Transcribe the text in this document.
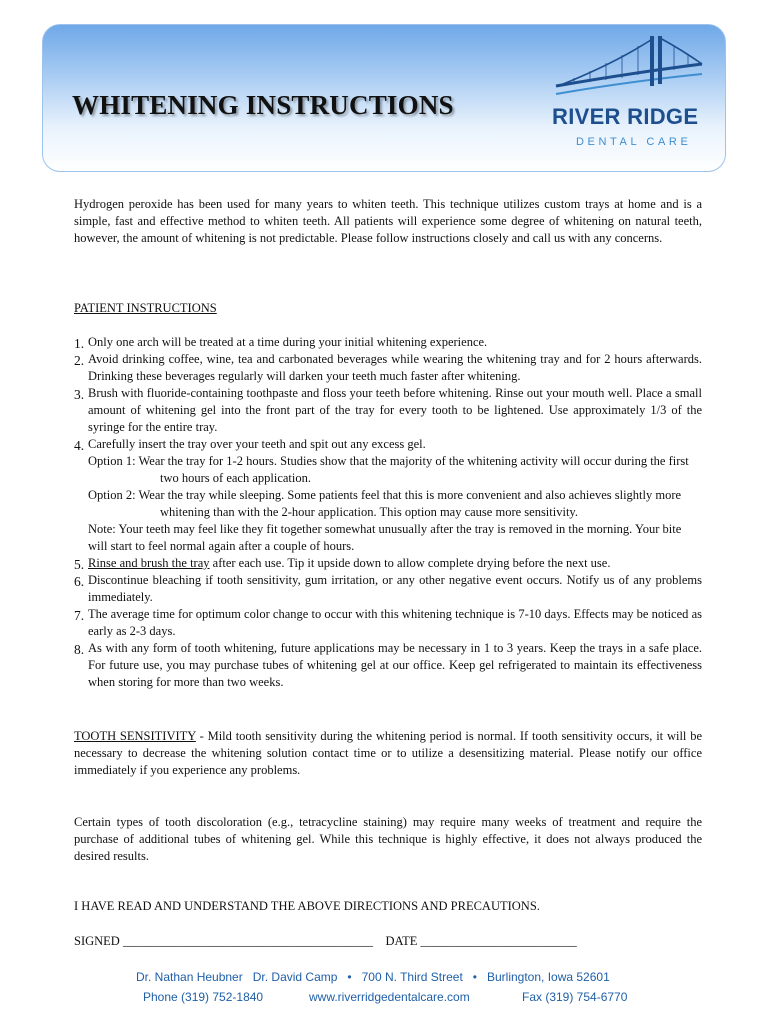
WHITENING INSTRUCTIONS	RIVER RIDGE
DENTAL CARE

Hydrogen peroxide has been used for many years to whiten teeth. This technique utilizes custom trays at home and is a simple, fast and effective method to whiten teeth. All patients will experience some degree of whitening on natural teeth, however, the amount of whitening is not predictable. Please follow instructions closely and call us with any concerns.

PATIENT INSTRUCTIONS
1. Only one arch will be treated at a time during your initial whitening experience.
2. Avoid drinking coffee, wine, tea and carbonated beverages while wearing the whitening tray and for 2 hours afterwards. Drinking these beverages regularly will darken your teeth much faster after whitening.
3. Brush with fluoride-containing toothpaste and floss your teeth before whitening. Rinse out your mouth well. Place a small amount of whitening gel into the front part of the tray for every tooth to be lightened. Use approximately 1/3 of the syringe for the entire tray.
4. Carefully insert the tray over your teeth and spit out any excess gel.
Option 1: Wear the tray for 1-2 hours. Studies show that the majority of the whitening activity will occur during the first two hours of each application.
Option 2: Wear the tray while sleeping. Some patients feel that this is more convenient and also achieves slightly more whitening than with the 2-hour application. This option may cause more sensitivity.
Note: Your teeth may feel like they fit together somewhat unusually after the tray is removed in the morning. Your bite will start to feel normal again after a couple of hours.
5. Rinse and brush the tray after each use. Tip it upside down to allow complete drying before the next use.
6. Discontinue bleaching if tooth sensitivity, gum irritation, or any other negative event occurs. Notify us of any problems immediately.
7. The average time for optimum color change to occur with this whitening technique is 7-10 days. Effects may be noticed as early as 2-3 days.
8. As with any form of tooth whitening, future applications may be necessary in 1 to 3 years. Keep the trays in a safe place. For future use, you may purchase tubes of whitening gel at our office. Keep gel refrigerated to maintain its effectiveness when storing for more than two weeks.

TOOTH SENSITIVITY - Mild tooth sensitivity during the whitening period is normal. If tooth sensitivity occurs, it will be necessary to decrease the whitening solution contact time or to utilize a desensitizing material. Please notify our office immediately if you experience any problems.

Certain types of tooth discoloration (e.g., tetracycline staining) may require many weeks of treatment and require the purchase of additional tubes of whitening gel. While this technique is highly effective, it does not always produced the desired results.

I HAVE READ AND UNDERSTAND THE ABOVE DIRECTIONS AND PRECAUTIONS.
SIGNED ________________________________________ DATE _________________________
Dr. Nathan Heubner   Dr. David Camp   •   700 N. Third Street   •   Burlington, Iowa 52601
Phone (319) 752-1840	www.riverridgedentalcare.com	Fax (319) 754-6770
